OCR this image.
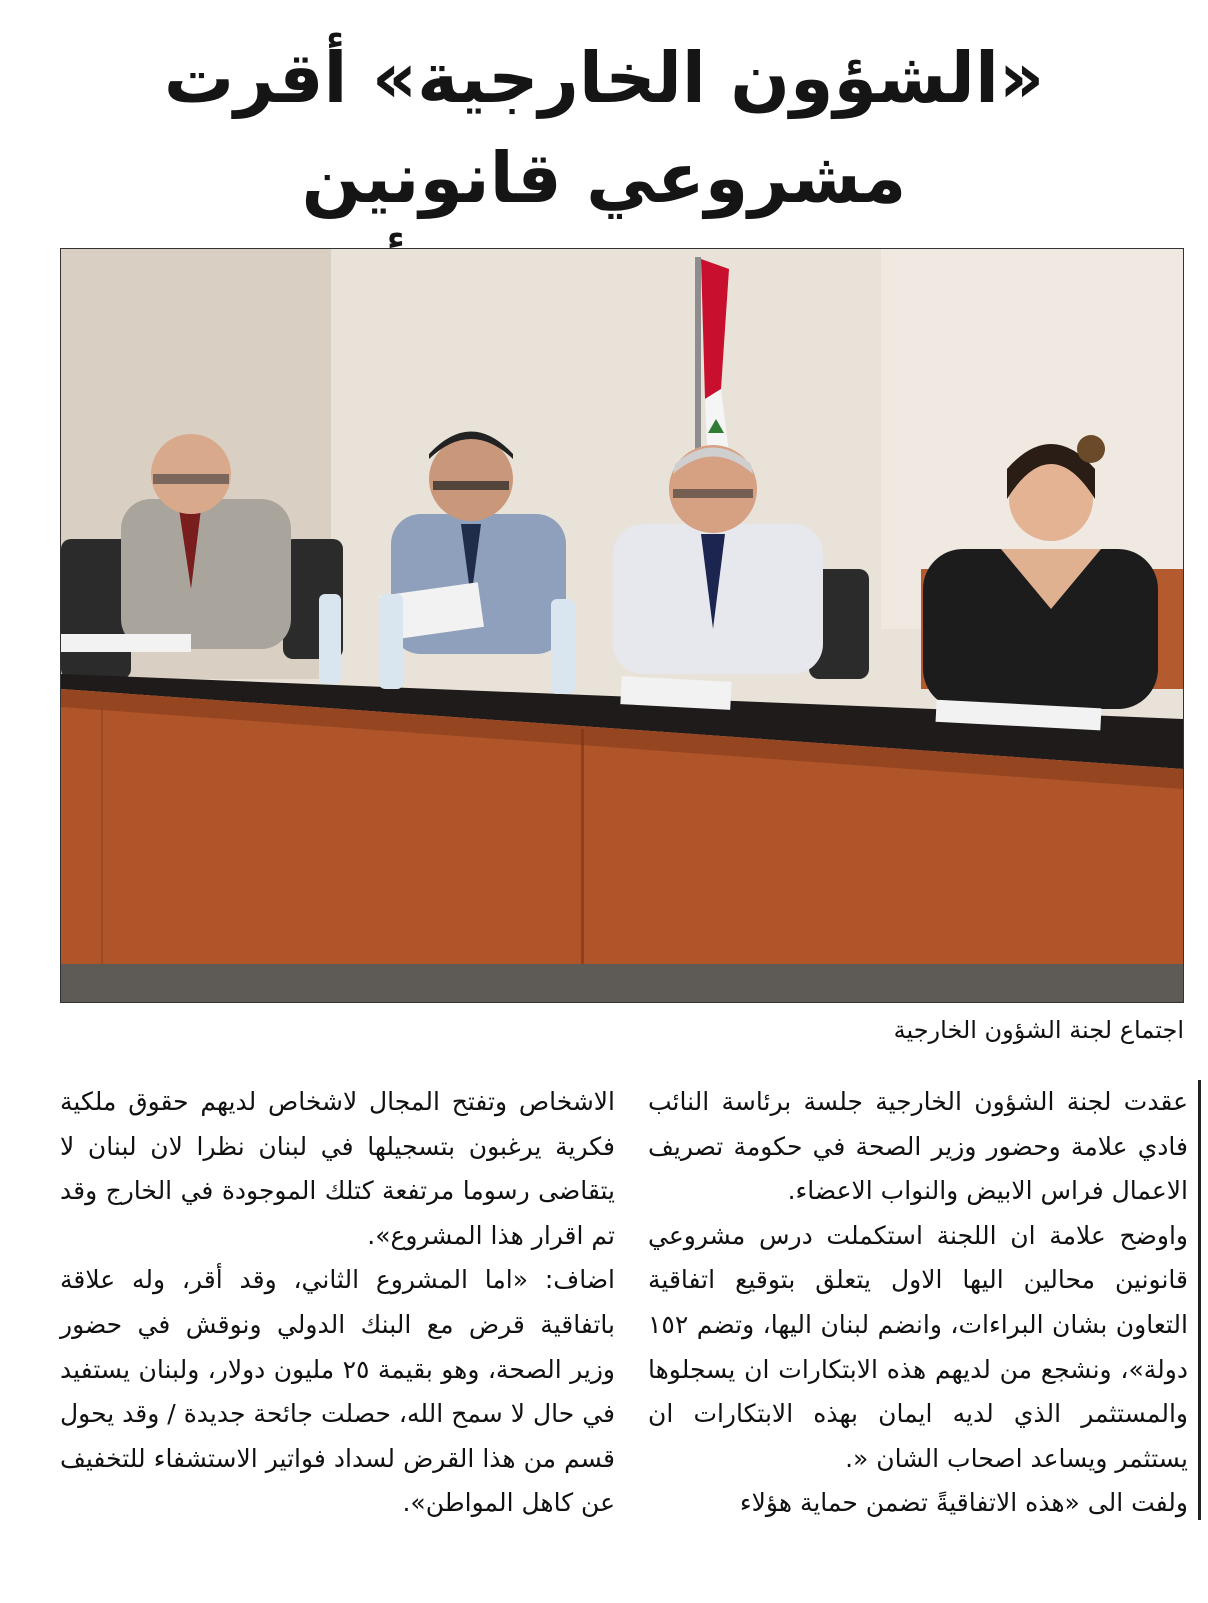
«الشؤون الخارجية» أقرت مشروعي قانونين
اجتماع لجنة الشؤون الخارجية

عقدت لجنة الشؤون الخارجية جلسة برئاسة النائب فادي علامة وحضور وزير الصحة في حكومة تصريف الاعمال فراس الابيض والنواب الاعضاء.

واوضح علامة ان اللجنة استكملت درس مشروعي قانونين محالين اليها الاول يتعلق بتوقيع اتفاقية التعاون بشان البراءات، وانضم لبنان اليها، وتضم ١٥٢ دولة»، ونشجع من لديهم هذه الابتكارات ان يسجلوها والمستثمر الذي لديه ايمان بهذه الابتكارات ان يستثمر ويساعد اصحاب الشان «.

ولفت الى «هذه الاتفاقيةً تضمن حماية هؤلاء

الاشخاص وتفتح المجال لاشخاص لديهم حقوق ملكية فكرية يرغبون بتسجيلها في لبنان نظرا لان لبنان لا يتقاضى رسوما مرتفعة كتلك الموجودة في الخارج وقد تم اقرار هذا المشروع».

اضاف: «اما المشروع الثاني، وقد أقر، وله علاقة باتفاقية قرض مع البنك الدولي ونوقش في حضور وزير الصحة، وهو بقيمة ٢٥ مليون دولار، ولبنان يستفيد في حال لا سمح الله، حصلت جائحة جديدة / وقد يحول قسم من هذا القرض لسداد فواتير الاستشفاء للتخفيف عن كاهل المواطن».
